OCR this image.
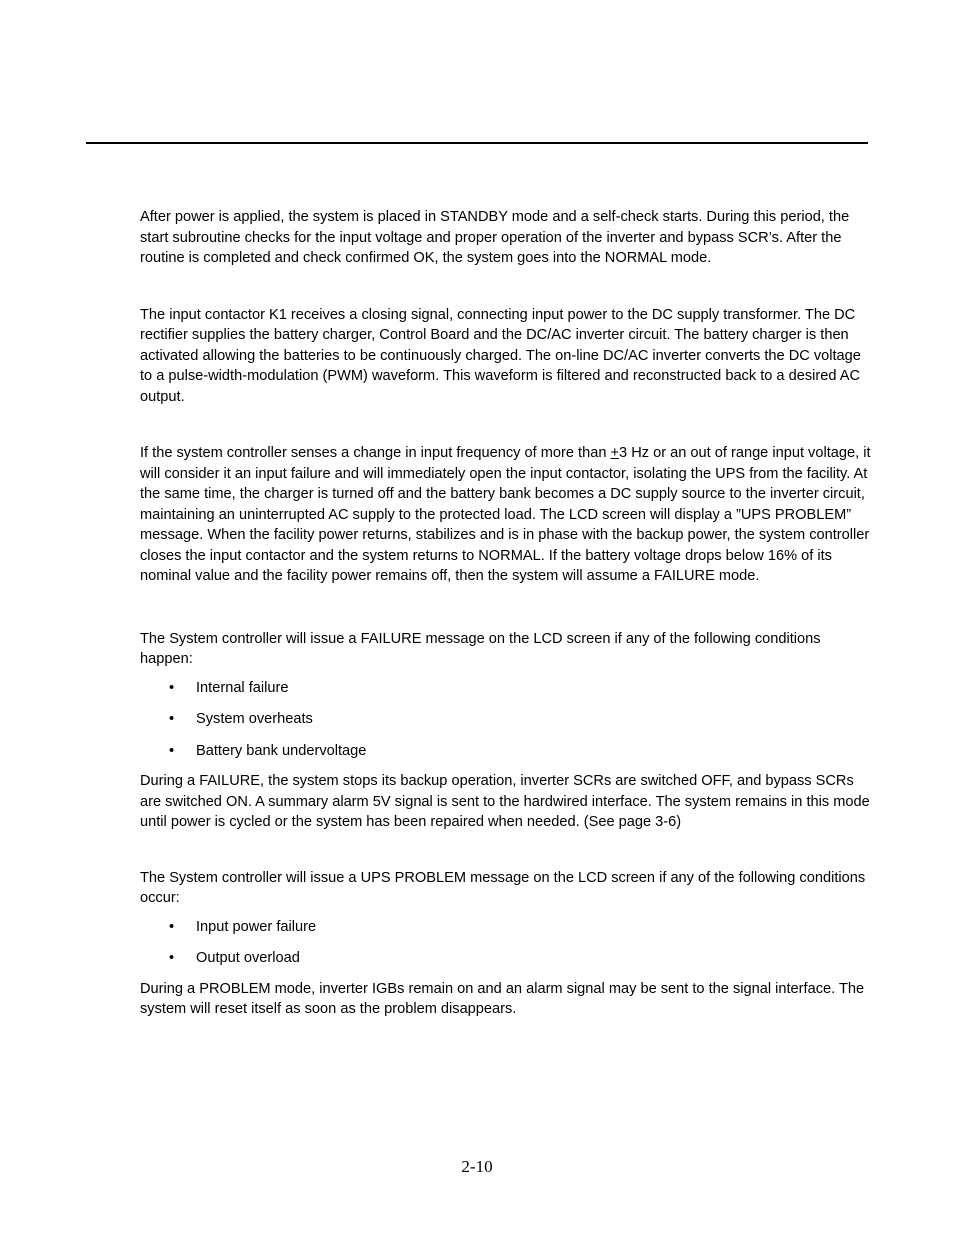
After power is applied, the system is placed in STANDBY mode and a self-check starts. During this period, the start subroutine checks for the input voltage and proper operation of the inverter and bypass SCR’s. After the routine is completed and check confirmed OK, the system goes into the NORMAL mode.

The input contactor K1 receives a closing signal, connecting input power to the DC supply transformer. The DC rectifier supplies the battery charger, Control Board and the DC/AC inverter circuit. The battery charger is then activated allowing the batteries to be continuously charged. The on-line DC/AC inverter converts the DC voltage to a pulse-width-modulation (PWM) waveform. This waveform is filtered and reconstructed back to a desired AC output.

If the system controller senses a change in input frequency of more than +3 Hz or an out of range input voltage, it will consider it an input failure and will immediately open the input contactor, isolating the UPS from the facility. At the same time, the charger is turned off and the battery bank becomes a DC supply source to the inverter circuit, maintaining an uninterrupted AC supply to the protected load. The LCD screen will display a ”UPS PROBLEM” message. When the facility power returns, stabilizes and is in phase with the backup power, the system controller closes the input contactor and the system returns to NORMAL. If the battery voltage drops below 16% of its nominal value and the facility power remains off, then the system will assume a FAILURE mode.

The System controller will issue a FAILURE message on the LCD screen if any of the following conditions happen:

• Internal failure
• System overheats
• Battery bank undervoltage

During a FAILURE, the system stops its backup operation, inverter SCRs are switched OFF, and bypass SCRs are switched ON. A summary alarm 5V signal is sent to the hardwired interface. The system remains in this mode until power is cycled or the system has been repaired when needed. (See page 3-6)

The System controller will issue a UPS PROBLEM message on the LCD screen if any of the following conditions occur:

• Input power failure
• Output overload

During a PROBLEM mode, inverter IGBs remain on and an alarm signal may be sent to the signal interface. The system will reset itself as soon as the problem disappears.

2-10
